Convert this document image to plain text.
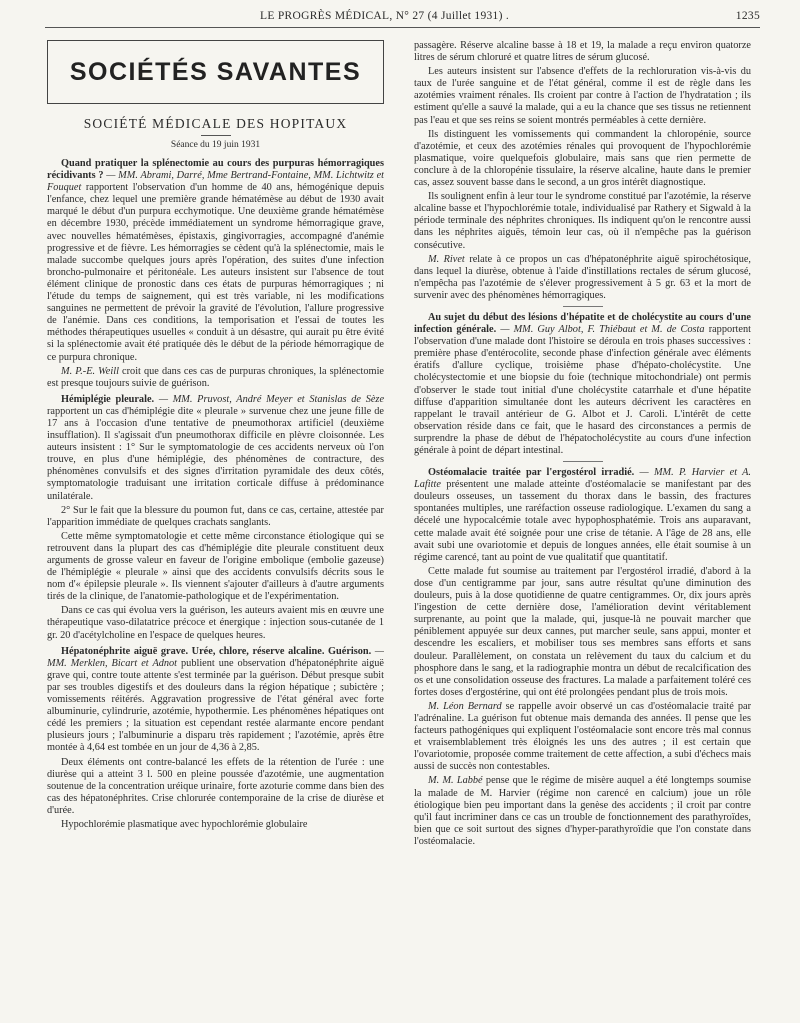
LE PROGRÈS MÉDICAL, N° 27 (4 Juillet 1931) .	1235
SOCIÉTÉS SAVANTES
SOCIÉTÉ MÉDICALE DES HOPITAUX
Séance du 19 juin 1931

Quand pratiquer la splénectomie au cours des purpuras hémorragiques récidivants ? — MM. Abrami, Darré, Mme Bertrand-Fontaine, MM. Lichtwitz et Fouquet rapportent l'observation d'un homme de 40 ans, hémogénique depuis l'enfance, chez lequel une première grande hématémèse au début de 1930 avait marqué le début d'un purpura ecchymotique. Une deuxième grande hématémèse en décembre 1930, précède immédiatement un syndrome hémorragique grave, avec nouvelles hématémèses, épistaxis, gingivorragies, accompagné d'anémie progressive et de fièvre. Les hémorragies se cèdent qu'à la splénectomie, mais le malade succombe quelques jours après l'opération, des suites d'une infection broncho-pulmonaire et péritonéale. Les auteurs insistent sur l'absence de tout élément clinique de pronostic dans ces états de purpuras hémorragiques ; ni l'étude du temps de saignement, qui est très variable, ni les modifications sanguines ne permettent de prévoir la gravité de l'évolution, l'allure progressive de l'anémie. Dans ces conditions, la temporisation et l'essai de toutes les méthodes thérapeutiques usuelles « conduit à un désastre, qui aurait pu être évité si la splénectomie avait été pratiquée dès le début de la période hémorragique de ce purpura chronique.

M. P.-E. Weill croit que dans ces cas de purpuras chroniques, la splénectomie est presque toujours suivie de guérison.

Hémiplégie pleurale. — MM. Pruvost, André Meyer et Stanislas de Sèze rapportent un cas d'hémiplégie dite « pleurale » survenue chez une jeune fille de 17 ans à l'occasion d'une tentative de pneumothorax artificiel (deuxième insufflation). Il s'agissait d'un pneumothorax difficile en plèvre cloisonnée. Les auteurs insistent : 1° Sur le symptomatologie de ces accidents nerveux où l'on trouve, en plus d'une hémiplégie, des phénomènes de contracture, des phénomènes convulsifs et des signes d'irritation pyramidale des deux côtés, symptomatologie traduisant une irritation corticale diffuse à prédominance unilatérale.

2° Sur le fait que la blessure du poumon fut, dans ce cas, certaine, attestée par l'apparition immédiate de quelques crachats sanglants.

Cette même symptomatologie et cette même circonstance étiologique qui se retrouvent dans la plupart des cas d'hémiplégie dite pleurale constituent deux arguments de grosse valeur en faveur de l'origine embolique (embolie gazeuse) de l'hémiplégie « pleurale » ainsi que des accidents convulsifs décrits sous le nom d'« épilepsie pleurale ». Ils viennent s'ajouter d'ailleurs à d'autre arguments tirés de la clinique, de l'anatomie-pathologique et de l'expérimentation.

Dans ce cas qui évolua vers la guérison, les auteurs avaient mis en œuvre une thérapeutique vaso-dilatatrice précoce et énergique : injection sous-cutanée de 1 gr. 20 d'acétylcholine en l'espace de quelques heures.

Hépatonéphrite aiguë grave. Urée, chlore, réserve alcaline. Guérison. — MM. Merklen, Bicart et Adnot publient une observation d'hépatonéphrite aiguë grave qui, contre toute attente s'est terminée par la guérison. Début presque subit par ses troubles digestifs et des douleurs dans la région hépatique ; subictère ; vomissements réitérés. Aggravation progressive de l'état général avec forte albuminurie, cylindrurie, azotémie, hypothermie. Les phénomènes hépatiques ont cédé les premiers ; la situation est cependant restée alarmante encore pendant plusieurs jours ; l'albuminurie a disparu très rapidement ; l'azotémie, après être montée à 4,64 est tombée en un jour de 4,36 à 2,85.

Deux éléments ont contre-balancé les effets de la rétention de l'urée : une diurèse qui a atteint 3 l. 500 en pleine poussée d'azotémie, une augmentation soutenue de la concentration uréique urinaire, forte azoturie comme dans bien des cas des hépatonéphrites. Crise chlorurée contemporaine de la crise de diurèse et d'urée.

Hypochlorémie plasmatique avec hypochlorémie globulaire

passagère. Réserve alcaline basse à 18 et 19, la malade a reçu environ quatorze litres de sérum chloruré et quatre litres de sérum glucosé.

Les auteurs insistent sur l'absence d'effets de la rechloruration vis-à-vis du taux de l'urée sanguine et de l'état général, comme il est de règle dans les azotémies vraiment rénales. Ils croient par contre à l'action de l'hydratation ; ils estiment qu'elle a sauvé la malade, qui a eu la chance que ses tissus ne retiennent pas l'eau et que ses reins se soient montrés perméables à cette dernière.

Ils distinguent les vomissements qui commandent la chloropénie, source d'azotémie, et ceux des azotémies rénales qui provoquent de l'hypochlorémie plasmatique, voire quelquefois globulaire, mais sans que rien permette de conclure à de la chloropénie tissulaire, la réserve alcaline, haute dans le premier cas, assez souvent basse dans le second, a un gros intérêt diagnostique.

Ils soulignent enfin à leur tour le syndrome constitué par l'azotémie, la réserve alcaline basse et l'hypochlorémie totale, individualisé par Rathery et Sigwald à la période terminale des néphrites chroniques. Ils indiquent qu'on le rencontre aussi dans les néphrites aiguës, témoin leur cas, où il n'empêche pas la guérison consécutive.

M. Rivet relate à ce propos un cas d'hépatonéphrite aiguë spirochétosique, dans lequel la diurèse, obtenue à l'aide d'instillations rectales de sérum glucosé, n'empêcha pas l'azotémie de s'élever progressivement à 5 gr. 63 et la mort de survenir avec des phénomènes hémorragiques.

Au sujet du début des lésions d'hépatite et de cholécystite au cours d'une infection générale. — MM. Guy Albot, F. Thiébaut et M. de Costa rapportent l'observation d'une malade dont l'histoire se déroula en trois phases successives : première phase d'entérocolite, seconde phase d'infection générale avec éléments ératifs d'allure cyclique, troisième phase d'hépato-cholécystite. Une cholécystectomie et une biopsie du foie (technique mitochondriale) ont permis d'observer le stade tout initial d'une cholécystite catarrhale et d'une hépatite diffuse d'apparition simultanée dont les auteurs décrivent les caractères en rappelant le travail antérieur de G. Albot et J. Caroli. L'intérêt de cette observation réside dans ce fait, que le hasard des circonstances a permis de surprendre la phase de début de l'hépatocholécystite au cours d'une infection générale à point de départ intestinal.

Ostéomalacie traitée par l'ergostérol irradié. — MM. P. Harvier et A. Lafitte présentent une malade atteinte d'ostéomalacie se manifestant par des douleurs osseuses, un tassement du thorax dans le bassin, des fractures spontanées multiples, une raréfaction osseuse radiologique. L'examen du sang a décelé une hypocalcémie totale avec hypophosphatémie. Trois ans auparavant, cette malade avait été soignée pour une crise de tétanie. A l'âge de 28 ans, elle avait subi une ovariotomie et depuis de longues années, elle était soumise à un régime carencé, tant au point de vue qualitatif que quantitatif.

Cette malade fut soumise au traitement par l'ergostérol irradié, d'abord à la dose d'un centigramme par jour, sans autre résultat qu'une diminution des douleurs, puis à la dose quotidienne de quatre centigrammes. Or, dix jours après l'ingestion de cette dernière dose, l'amélioration devint véritablement surprenante, au point que la malade, qui, jusque-là ne pouvait marcher que péniblement appuyée sur deux cannes, put marcher seule, sans appui, monter et descendre les escaliers, et mobiliser tous ses membres sans efforts et sans douleur. Parallèlement, on constata un relèvement du taux du calcium et du phosphore dans le sang, et la radiographie montra un début de recalcification des os et une consolidation osseuse des fractures. La malade a parfaitement toléré ces fortes doses d'ergostérine, qui ont été prolongées pendant plus de trois mois.

M. Léon Bernard se rappelle avoir observé un cas d'ostéomalacie traité par l'adrénaline. La guérison fut obtenue mais demanda des années. Il pense que les facteurs pathogéniques qui expliquent l'ostéomalacie sont encore très mal connus et vraisemblablement très éloignés les uns des autres ; il est certain que l'ovariotomie, proposée comme traitement de cette affection, a subi d'échecs mais aussi de succès non contestables.

M. M. Labbé pense que le régime de misère auquel a été longtemps soumise la malade de M. Harvier (régime non carencé en calcium) joue un rôle étiologique bien peu important dans la genèse des accidents ; il croit par contre qu'il faut incriminer dans ce cas un trouble de fonctionnement des parathyroïdes, bien que ce soit surtout des signes d'hyper-parathyroïdie que l'on constate dans l'ostéomalacie.
